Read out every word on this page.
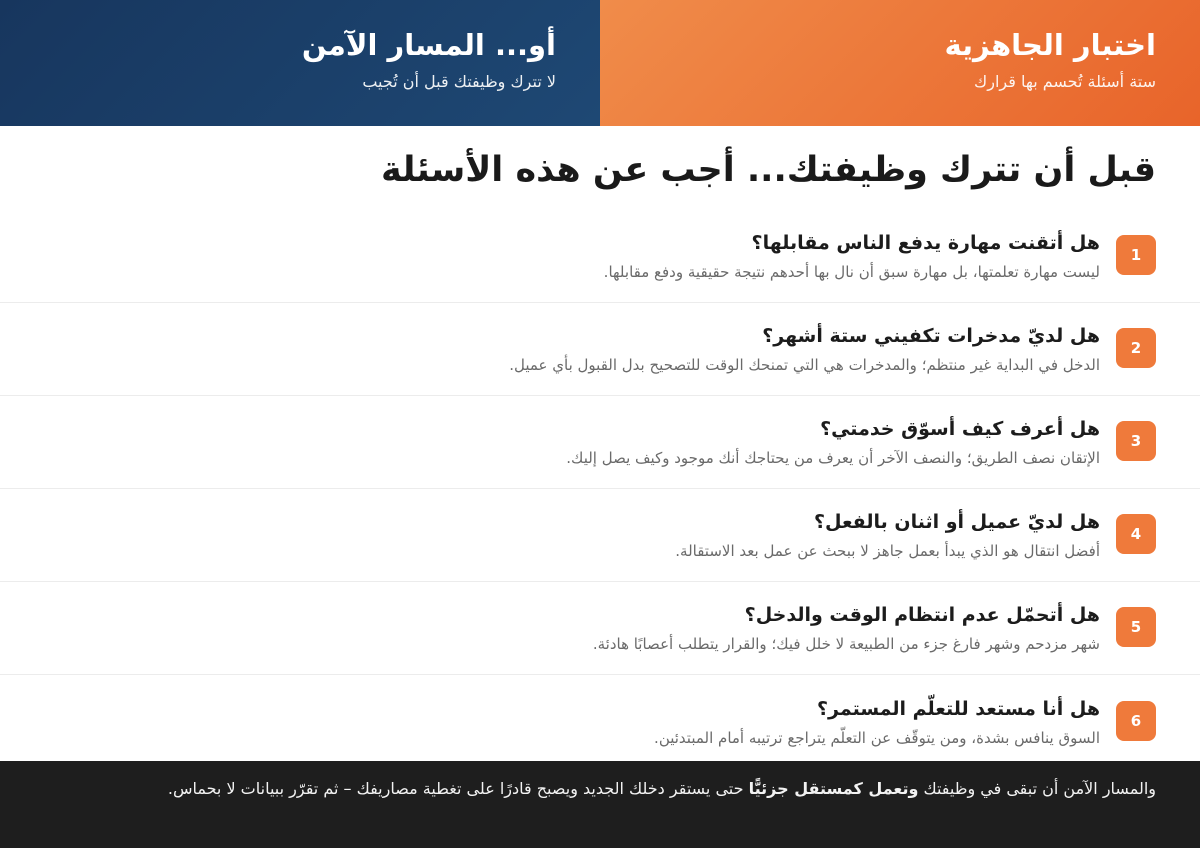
اختبار الجاهزية

ستة أسئلة تُحسم بها قرارك

أو... المسار الآمن

لا تترك وظيفتك قبل أن تُجيب

قبل أن تترك وظيفتك... أجب عن هذه الأسئلة
1
هل أتقنت مهارة يدفع الناس مقابلها؟
ليست مهارة تعلمتها، بل مهارة سبق أن نال بها أحدهم نتيجة حقيقية ودفع مقابلها.
2
هل لديّ مدخرات تكفيني ستة أشهر؟
الدخل في البداية غير منتظم؛ والمدخرات هي التي تمنحك الوقت للتصحيح بدل القبول بأي عميل.
3
هل أعرف كيف أسوّق خدمتي؟
الإتقان نصف الطريق؛ والنصف الآخر أن يعرف من يحتاجك أنك موجود وكيف يصل إليك.
4
هل لديّ عميل أو اثنان بالفعل؟
أفضل انتقال هو الذي يبدأ بعمل جاهز لا ببحث عن عمل بعد الاستقالة.
5
هل أتحمّل عدم انتظام الوقت والدخل؟
شهر مزدحم وشهر فارغ جزء من الطبيعة لا خلل فيك؛ والقرار يتطلب أعصابًا هادئة.
6
هل أنا مستعد للتعلّم المستمر؟
السوق ينافس بشدة، ومن يتوقّف عن التعلّم يتراجع ترتيبه أمام المبتدئين.
والمسار الآمن أن تبقى في وظيفتك وتعمل كمستقل جزئيًّا حتى يستقر دخلك الجديد ويصبح قادرًا على تغطية مصاريفك – ثم تقرّر ببيانات لا بحماس.
